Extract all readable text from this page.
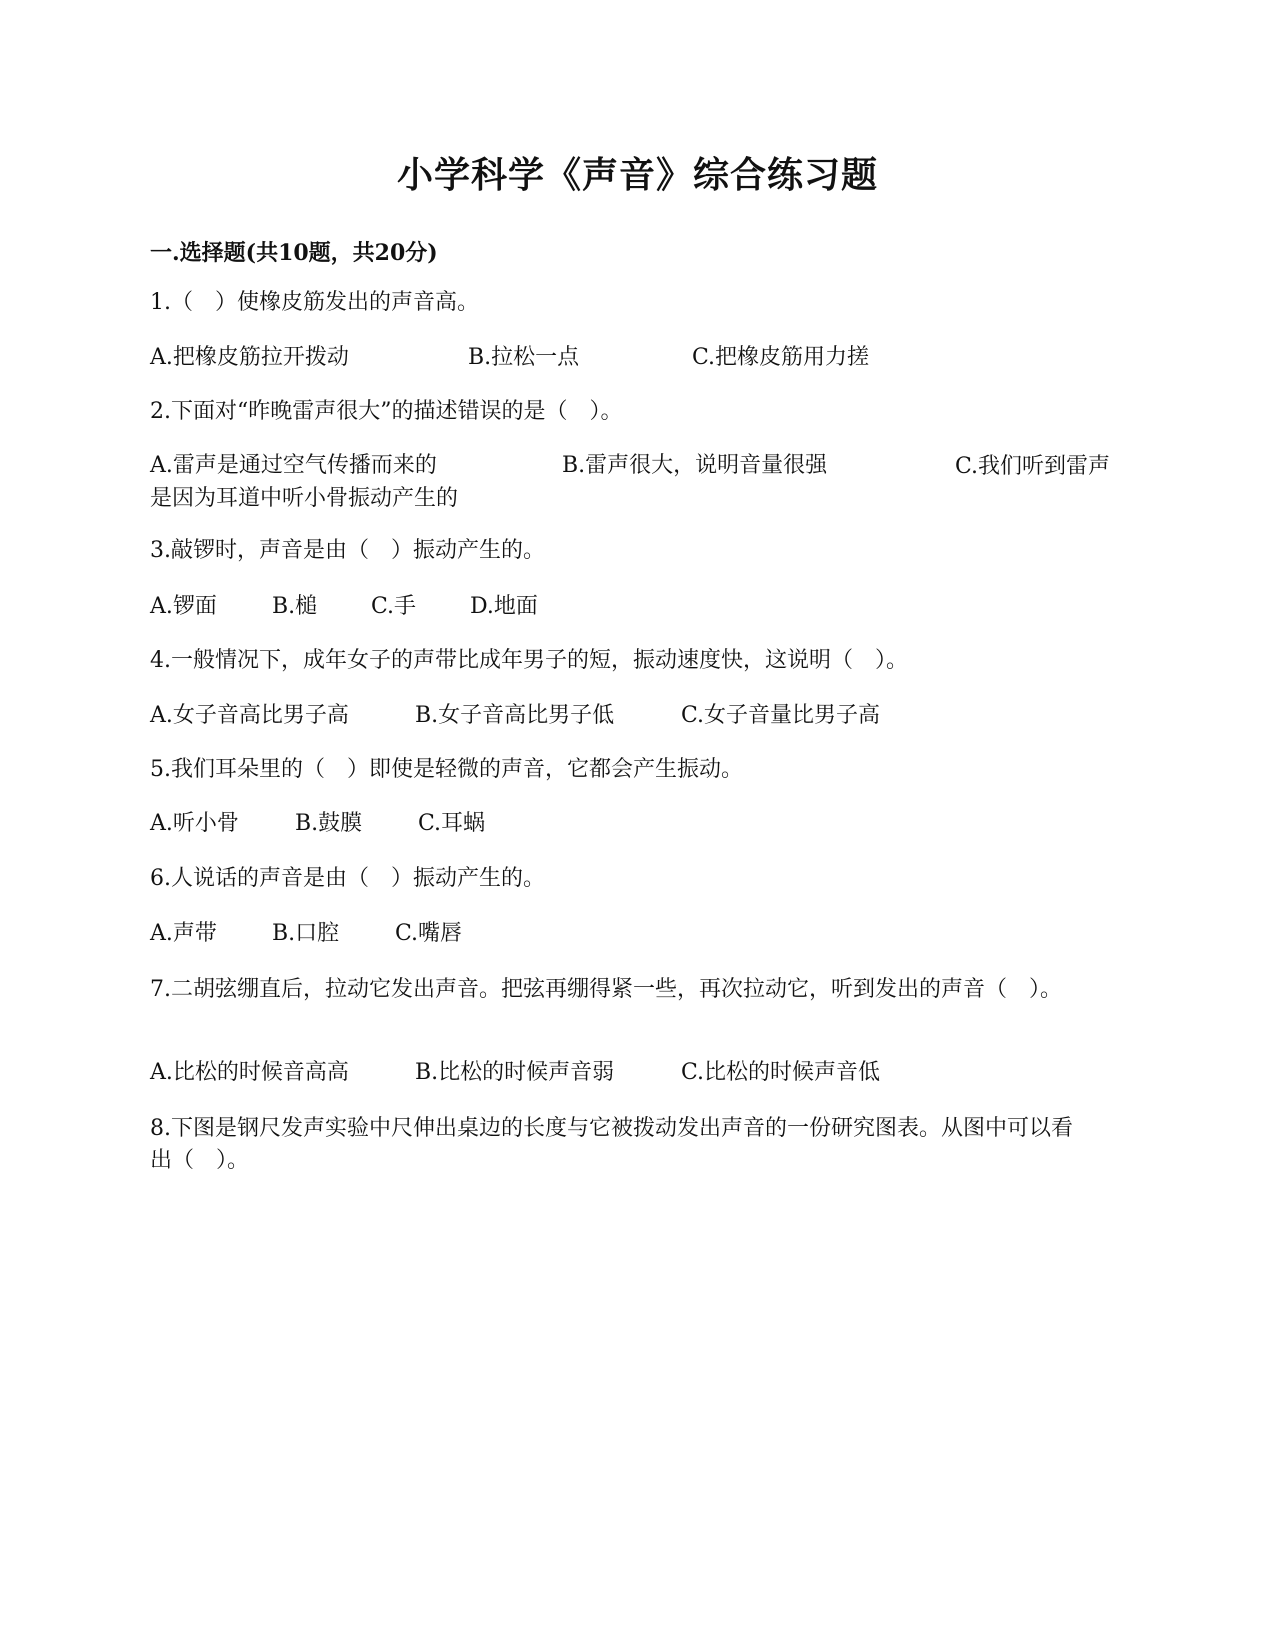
小学科学《声音》综合练习题
一.选择题(共10题，共20分)
1.（　）使橡皮筋发出的声音高。
A.把橡皮筋拉开拨动	B.拉松一点	C.把橡皮筋用力搓
2.下面对“昨晚雷声很大”的描述错误的是（　）。
A.雷声是通过空气传播而来的	B.雷声很大，说明音量很强	C.我们听到雷声是因为耳道中听小骨振动产生的
3.敲锣时，声音是由（　）振动产生的。
A.锣面	B.槌 C.手 D.地面
4.一般情况下，成年女子的声带比成年男子的短，振动速度快，这说明（　）。
A.女子音高比男子高	B.女子音高比男子低	C.女子音量比男子高
5.我们耳朵里的（　）即使是轻微的声音，它都会产生振动。
A.听小骨	B.鼓膜	C.耳蜗
6.人说话的声音是由（　）振动产生的。
A.声带	B.口腔	C.嘴唇
7.二胡弦绷直后，拉动它发出声音。把弦再绷得紧一些，再次拉动它，听到发出的声音（　）。
A.比松的时候音高高	B.比松的时候声音弱	C.比松的时候声音低
8.下图是钢尺发声实验中尺伸出桌边的长度与它被拨动发出声音的一份研究图表。从图中可以看出（　）。
